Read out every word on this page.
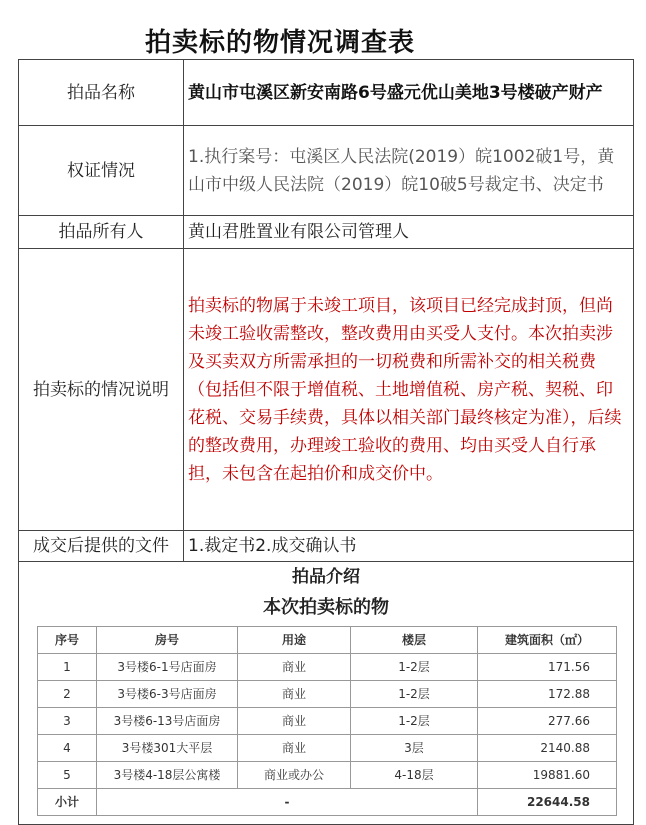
拍卖标的物情况调查表
拍品名称	黄山市屯溪区新安南路6号盛元优山美地3号楼破产财产
权证情况	1.执行案号：屯溪区人民法院(2019）皖1002破1号，黄山市中级人民法院（2019）皖10破5号裁定书、决定书
拍品所有人	黄山君胜置业有限公司管理人
拍卖标的情况说明	拍卖标的物属于未竣工项目，该项目已经完成封顶，但尚未竣工验收需整改，整改费用由买受人支付。本次拍卖涉及买卖双方所需承担的一切税费和所需补交的相关税费（包括但不限于增值税、土地增值税、房产税、契税、印花税、交易手续费，具体以相关部门最终核定为准），后续的整改费用，办理竣工验收的费用、均由买受人自行承担，未包含在起拍价和成交价中。
成交后提供的文件	1.裁定书2.成交确认书

拍品介绍
本次拍卖标的物
序号	房号	用途	楼层	建筑面积（㎡）
1	3号楼6-1号店面房	商业	1-2层	171.56
2	3号楼6-3号店面房	商业	1-2层	172.88
3	3号楼6-13号店面房	商业	1-2层	277.66
4	3号楼301大平层	商业	3层	2140.88
5	3号楼4-18层公寓楼	商业或办公	4-18层	19881.60
小计	-	22644.58
